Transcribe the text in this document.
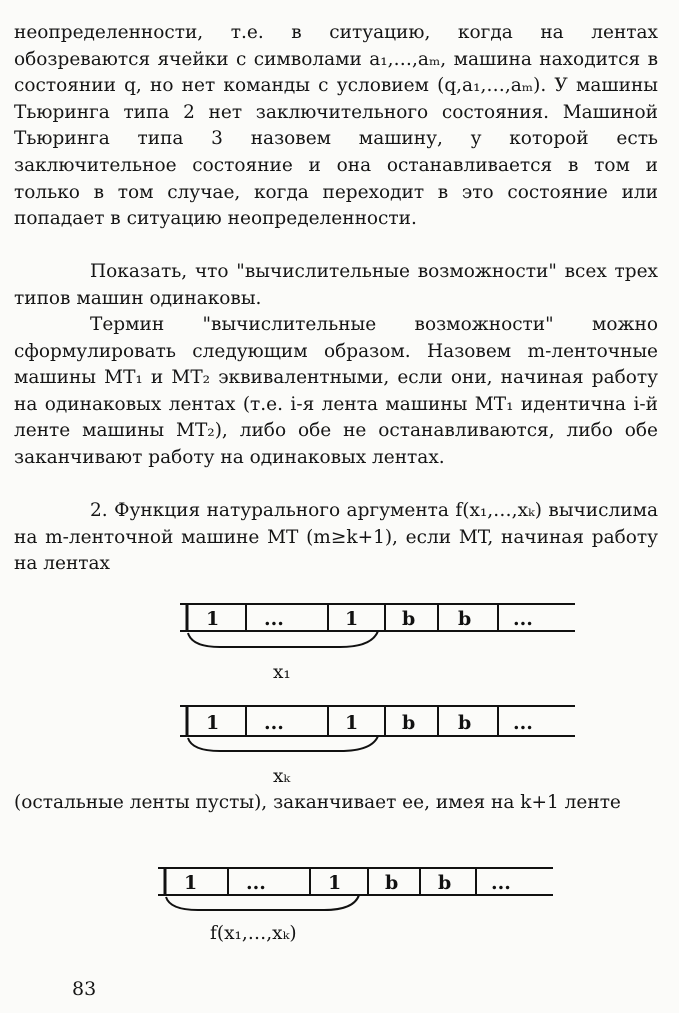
неопределенности, т.е. в ситуацию, когда на лентах обозреваются ячейки с символами a₁,…,aₘ, машина находится в состоянии q, но нет команды с условием (q,a₁,…,aₘ). У машины Тьюринга типа 2 нет заключительного состояния. Машиной Тьюринга типа 3 назовем машину, у которой есть заключительное состояние и она останавливается в том и только в том случае, когда переходит в это состояние или попадает в ситуацию неопределенности.

Показать, что "вычислительные возможности" всех трех типов машин одинаковы.

Термин "вычислительные возможности" можно сформулировать следующим образом. Назовем m-ленточные машины MT₁ и MT₂ эквивалентными, если они, начиная работу на одинаковых лентах (т.е. i-я лента машины MT₁ идентична i-й ленте машины MT₂), либо обе не останавливаются, либо обе заканчивают работу на одинаковых лентах.

2. Функция натурального аргумента f(x₁,…,xₖ) вычислима на m-ленточной машине MT (m≥k+1), если MT, начиная работу на лентах

1 ...	1 b b ...
x₁
1 ...	1 b b ...
xₖ

(остальные ленты пусты), заканчивает ее, имея на k+1 ленте

1	...	1 b b ...
f(x₁,…,xₖ)
83
